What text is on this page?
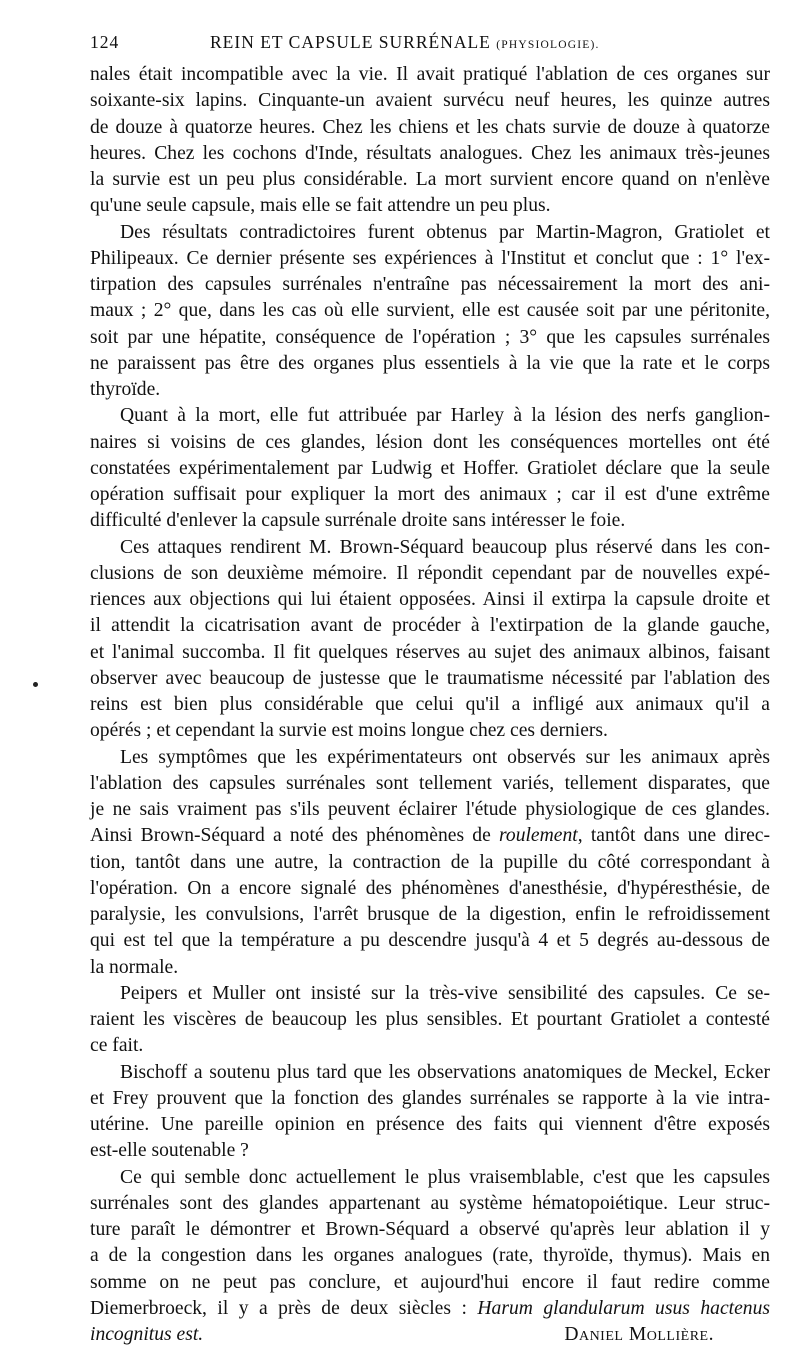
124	REIN ET CAPSULE SURRÉNALE (PHYSIOLOGIE).
nales était incompatible avec la vie. Il avait pratiqué l'ablation de ces organes sur
soixante-six lapins. Cinquante-un avaient survécu neuf heures, les quinze autres
de douze à quatorze heures. Chez les chiens et les chats survie de douze à quatorze
heures. Chez les cochons d'Inde, résultats analogues. Chez les animaux très-jeunes
la survie est un peu plus considérable. La mort survient encore quand on n'enlève
qu'une seule capsule, mais elle se fait attendre un peu plus.
Des résultats contradictoires furent obtenus par Martin-Magron, Gratiolet et
Philipeaux. Ce dernier présente ses expériences à l'Institut et conclut que : 1° l'ex-
tirpation des capsules surrénales n'entraîne pas nécessairement la mort des ani-
maux ; 2° que, dans les cas où elle survient, elle est causée soit par une péritonite,
soit par une hépatite, conséquence de l'opération ; 3° que les capsules surrénales
ne paraissent pas être des organes plus essentiels à la vie que la rate et le corps
thyroïde.
Quant à la mort, elle fut attribuée par Harley à la lésion des nerfs ganglion-
naires si voisins de ces glandes, lésion dont les conséquences mortelles ont été
constatées expérimentalement par Ludwig et Hoffer. Gratiolet déclare que la seule
opération suffisait pour expliquer la mort des animaux ; car il est d'une extrême
difficulté d'enlever la capsule surrénale droite sans intéresser le foie.
Ces attaques rendirent M. Brown-Séquard beaucoup plus réservé dans les con-
clusions de son deuxième mémoire. Il répondit cependant par de nouvelles expé-
riences aux objections qui lui étaient opposées. Ainsi il extirpa la capsule droite et
il attendit la cicatrisation avant de procéder à l'extirpation de la glande gauche,
et l'animal succomba. Il fit quelques réserves au sujet des animaux albinos, faisant
observer avec beaucoup de justesse que le traumatisme nécessité par l'ablation des
reins est bien plus considérable que celui qu'il a infligé aux animaux qu'il a
opérés ; et cependant la survie est moins longue chez ces derniers.
Les symptômes que les expérimentateurs ont observés sur les animaux après
l'ablation des capsules surrénales sont tellement variés, tellement disparates, que
je ne sais vraiment pas s'ils peuvent éclairer l'étude physiologique de ces glandes.
Ainsi Brown-Séquard a noté des phénomènes de roulement, tantôt dans une direc-
tion, tantôt dans une autre, la contraction de la pupille du côté correspondant à
l'opération. On a encore signalé des phénomènes d'anesthésie, d'hypéresthésie, de
paralysie, les convulsions, l'arrêt brusque de la digestion, enfin le refroidissement
qui est tel que la température a pu descendre jusqu'à 4 et 5 degrés au-dessous de
la normale.
Peipers et Muller ont insisté sur la très-vive sensibilité des capsules. Ce se-
raient les viscères de beaucoup les plus sensibles. Et pourtant Gratiolet a contesté
ce fait.
Bischoff a soutenu plus tard que les observations anatomiques de Meckel, Ecker
et Frey prouvent que la fonction des glandes surrénales se rapporte à la vie intra-
utérine. Une pareille opinion en présence des faits qui viennent d'être exposés
est-elle soutenable ?
Ce qui semble donc actuellement le plus vraisemblable, c'est que les capsules
surrénales sont des glandes appartenant au système hématopoiétique. Leur struc-
ture paraît le démontrer et Brown-Séquard a observé qu'après leur ablation il y
a de la congestion dans les organes analogues (rate, thyroïde, thymus). Mais en
somme on ne peut pas conclure, et aujourd'hui encore il faut redire comme
Diemerbroeck, il y a près de deux siècles : Harum glandularum usus hactenus
incognitus est.	Daniel Mollière.
